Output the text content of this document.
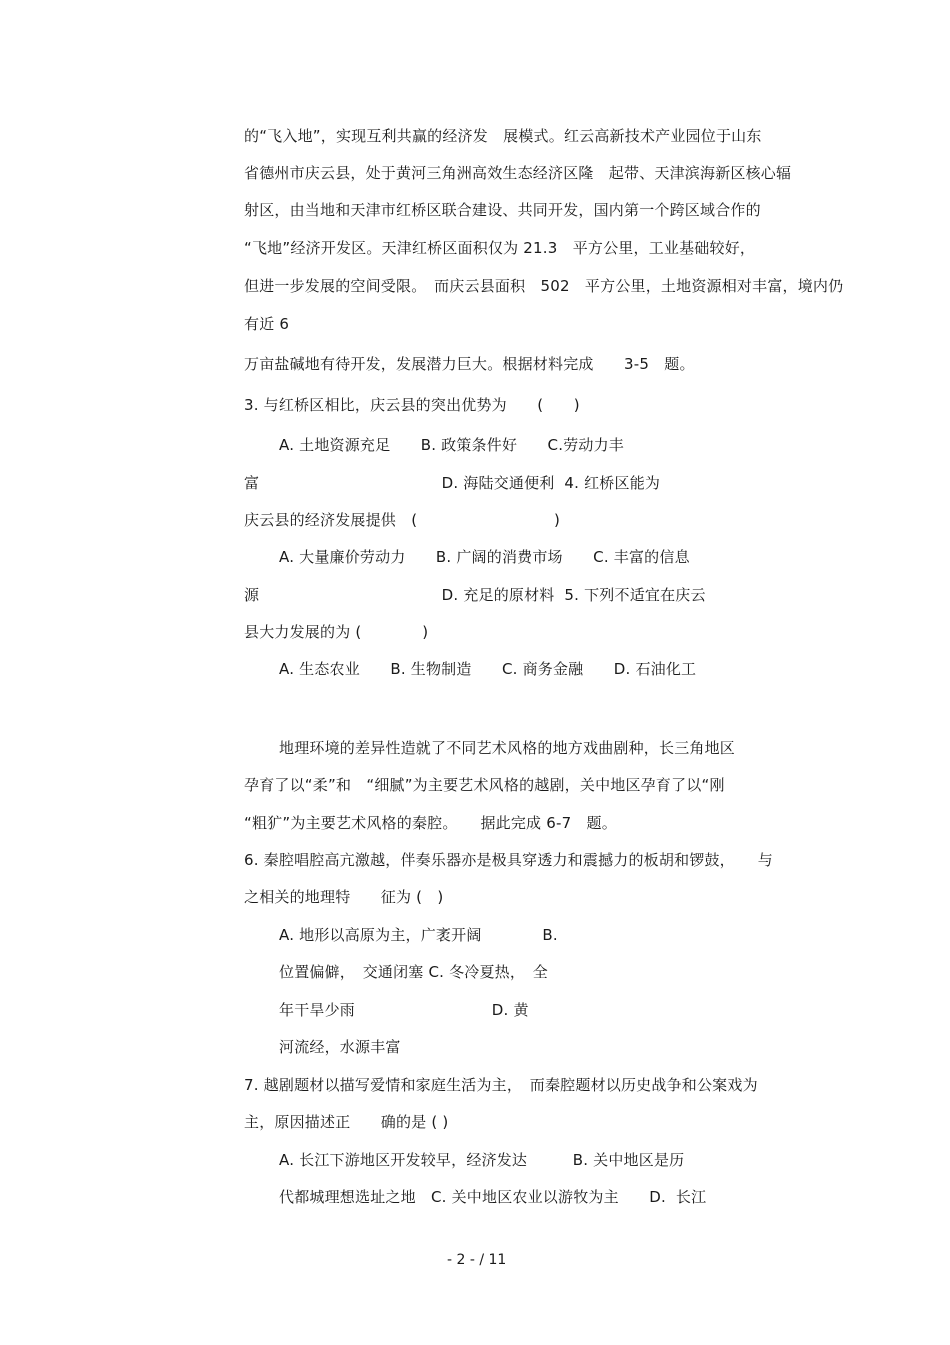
的“飞入地”，实现互利共赢的经济发　展模式。红云高新技术产业园位于山东
省德州市庆云县，处于黄河三角洲高效生态经济区隆　起带、天津滨海新区核心辐
射区，由当地和天津市红桥区联合建设、共同开发，国内第一个跨区域合作的
“飞地”经济开发区。天津红桥区面积仅为 21.3　平方公里，工业基础较好，
但进一步发展的空间受限。　而庆云县面积　502　平方公里，土地资源相对丰富，境内仍
有近 6
万亩盐碱地有待开发，发展潜力巨大。根据材料完成　　3-5　题。
3. 与红桥区相比，庆云县的突出优势为　　(　　)
A. 土地资源充足　　B. 政策条件好　　C.劳动力丰
富　　　　　　　　　　　　D. 海陆交通便利  4. 红桥区能为
庆云县的经济发展提供　(　　　　　　　　　)
A. 大量廉价劳动力　　B. 广阔的消费市场　　C. 丰富的信息
源　　　　　　　　　　　　D. 充足的原材料  5. 下列不适宜在庆云
县大力发展的为 (　　　　)
A. 生态农业　　B. 生物制造　　C. 商务金融　　D. 石油化工
地理环境的差异性造就了不同艺术风格的地方戏曲剧种，长三角地区
孕育了以“柔”和　“细腻”为主要艺术风格的越剧，关中地区孕育了以“刚
“粗犷”为主要艺术风格的秦腔。　　据此完成 6-7　题。
6. 秦腔唱腔高亢激越，伴奏乐器亦是极具穿透力和震撼力的板胡和锣鼓，　　与
之相关的地理特　　征为 (　)
A. 地形以高原为主，广袤开阔　　　　B.
位置偏僻，　交通闭塞 C. 冬冷夏热，　全
年干旱少雨　　　　　　　　　D. 黄
河流经，水源丰富
7. 越剧题材以描写爱情和家庭生活为主，　而秦腔题材以历史战争和公案戏为
主，原因描述正　　确的是 ( )
A. 长江下游地区开发较早，经济发达　　　B. 关中地区是历
代都城理想选址之地　C. 关中地区农业以游牧为主　　D.  长江
- 2 - / 11
